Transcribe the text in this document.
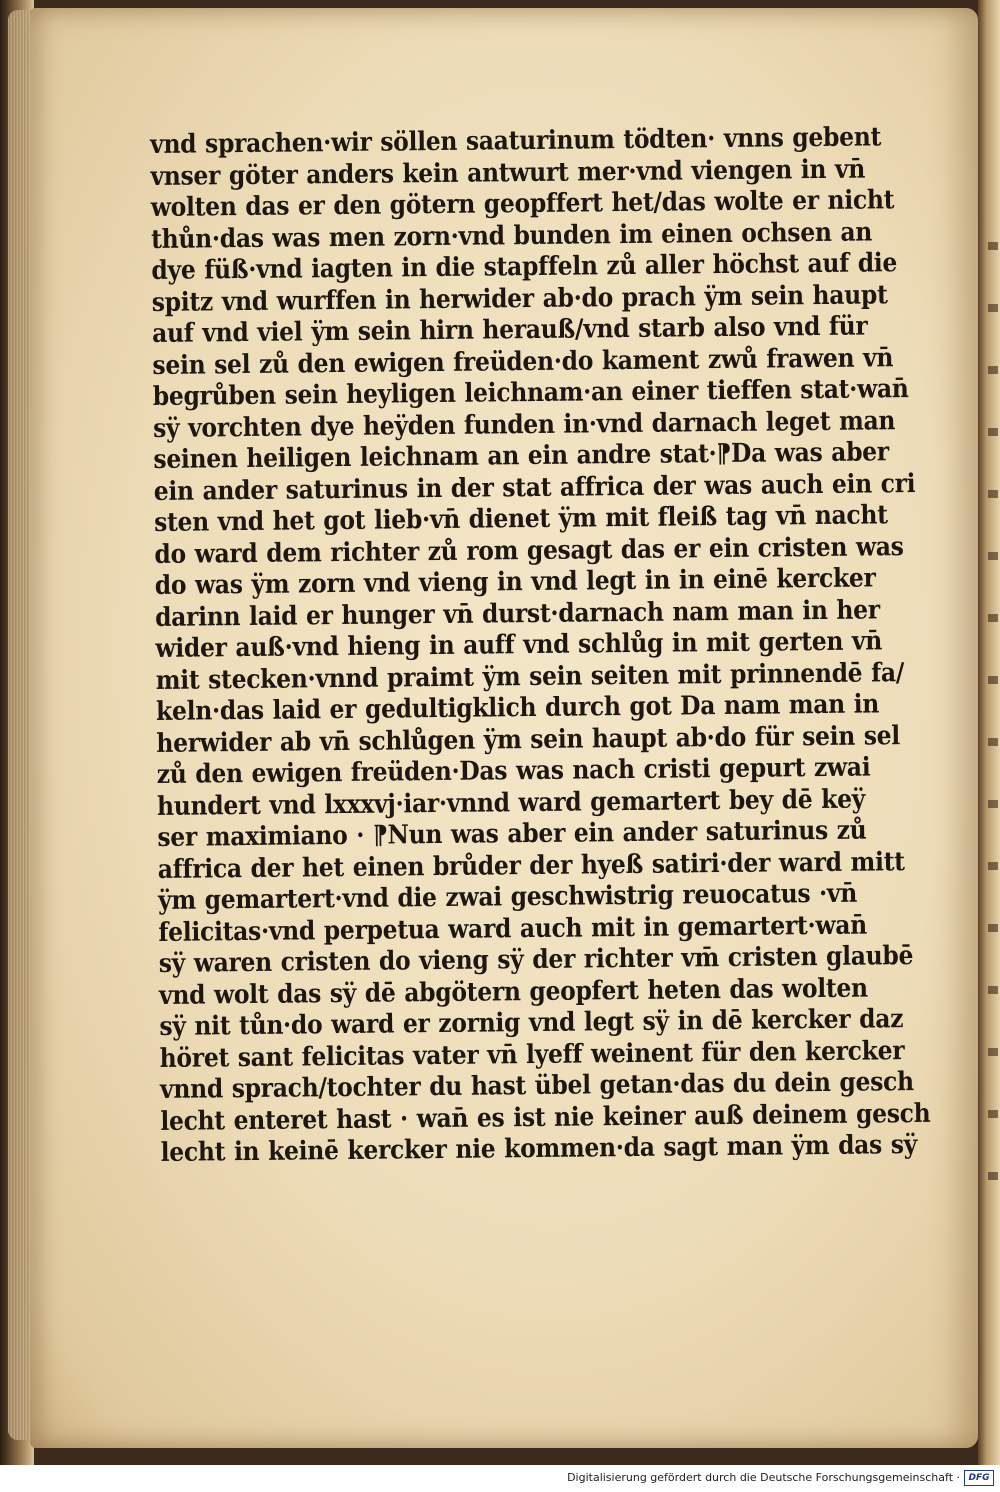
vnd sprachen·wir söllen saaturinum tödten· vnns gebent
vnser göter anders kein antwurt mer·vnd viengen in vn̄
wolten das er den götern geopffert het/das wolte er nicht
thůn·das was men zorn·vnd bunden im einen ochsen an
dye füß·vnd iagten in die stapffeln zů aller höchst auf die
spitz vnd wurffen in herwider ab·do prach ÿm sein haupt
auf vnd viel ÿm sein hirn herauß/vnd starb also vnd für
sein sel zů den ewigen freüden·do kament zwů frawen vn̄
begrůben sein heyligen leichnam·an einer tieffen stat·wan̄
sÿ vorchten dye heÿden funden in·vnd darnach leget man
seinen heiligen leichnam an ein andre stat·⁋Da was aber
ein ander saturinus in der stat affrica der was auch ein cri
sten vnd het got lieb·vn̄ dienet ÿm mit fleiß tag vn̄ nacht
do ward dem richter zů rom gesagt das er ein cristen was
do was ÿm zorn vnd vieng in vnd legt in in einē kercker
darinn laid er hunger vn̄ durst·darnach nam man in her
wider auß·vnd hieng in auff vnd schlůg in mit gerten vn̄
mit stecken·vnnd praimt ÿm sein seiten mit prinnendē fa/
keln·das laid er gedultigklich durch got Da nam man in
herwider ab vn̄ schlůgen ÿm sein haupt ab·do für sein sel
zů den ewigen freüden·Das was nach cristi gepurt zwai
hundert vnd lxxxvj·iar·vnnd ward gemartert bey dē keÿ
ser maximiano · ⁋Nun was aber ein ander saturinus zů
affrica der het einen brůder der hyeß satiri·der ward mitt
ÿm gemartert·vnd die zwai geschwistrig reuocatus ·vn̄
felicitas·vnd perpetua ward auch mit in gemartert·wan̄
sÿ waren cristen do vieng sÿ der richter vm̄ cristen glaubē
vnd wolt das sÿ dē abgötern geopfert heten das wolten
sÿ nit tůn·do ward er zornig vnd legt sÿ in dē kercker daz
höret sant felicitas vater vn̄ lyeff weinent für den kercker
vnnd sprach/tochter du hast übel getan·das du dein gesch
lecht enteret hast · wan̄ es ist nie keiner auß deinem gesch
lecht in keinē kercker nie kommen·da sagt man ÿm das sÿ
Digitalisierung gefördert durch die Deutsche Forschungsgemeinschaft · DFG
